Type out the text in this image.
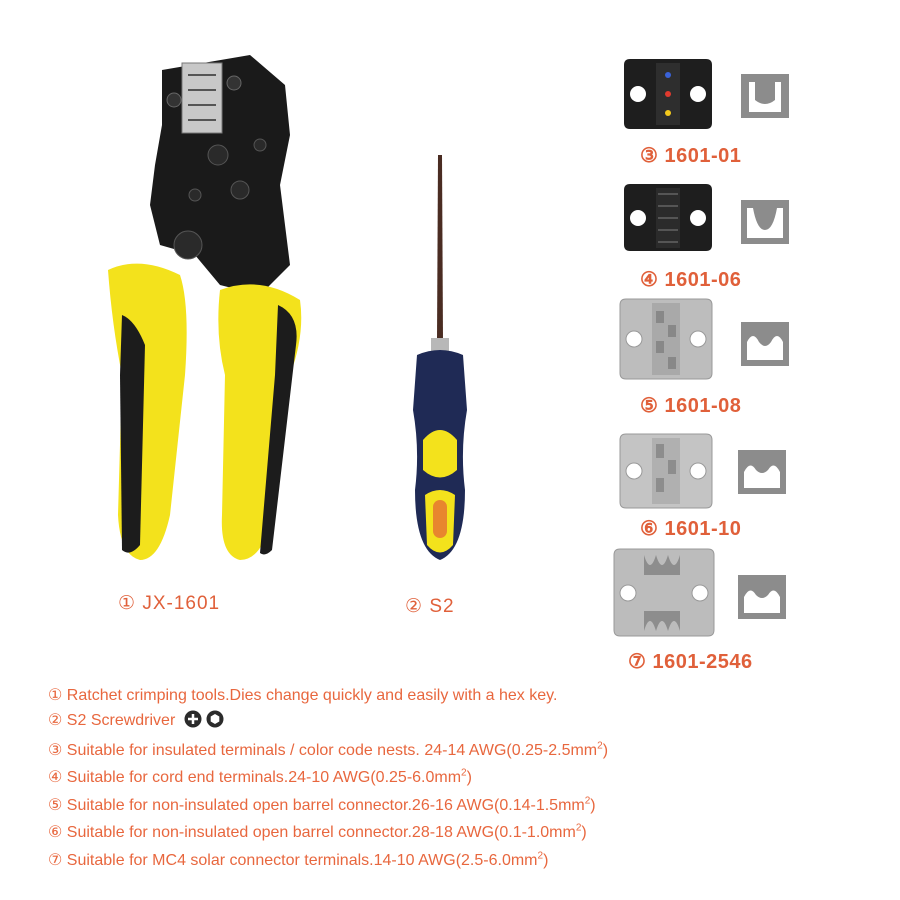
① JX-1601	② S2
③ 1601-01
④ 1601-06
⑤ 1601-08
⑥ 1601-10
⑦ 1601-2546
① Ratchet crimping tools.Dies change quickly and easily with a hex key.
② S2 Screwdriver
③ Suitable for insulated terminals / color code nests. 24-14 $AWG(0.25-2.5mm^2)$
④ Suitable for cord end terminals.24-10 $AWG(0.25-6.0mm^2)$
⑤ Suitable for non-insulated open barrel connector.26-16 $AWG(0.14-1.5mm^2)$
⑥ Suitable for non-insulated open barrel connector.28-18 $AWG(0.1-1.0mm^2)$
⑦ Suitable for MC4 solar connector terminals.14-10 $AWG(2.5-6.0mm^2)$
